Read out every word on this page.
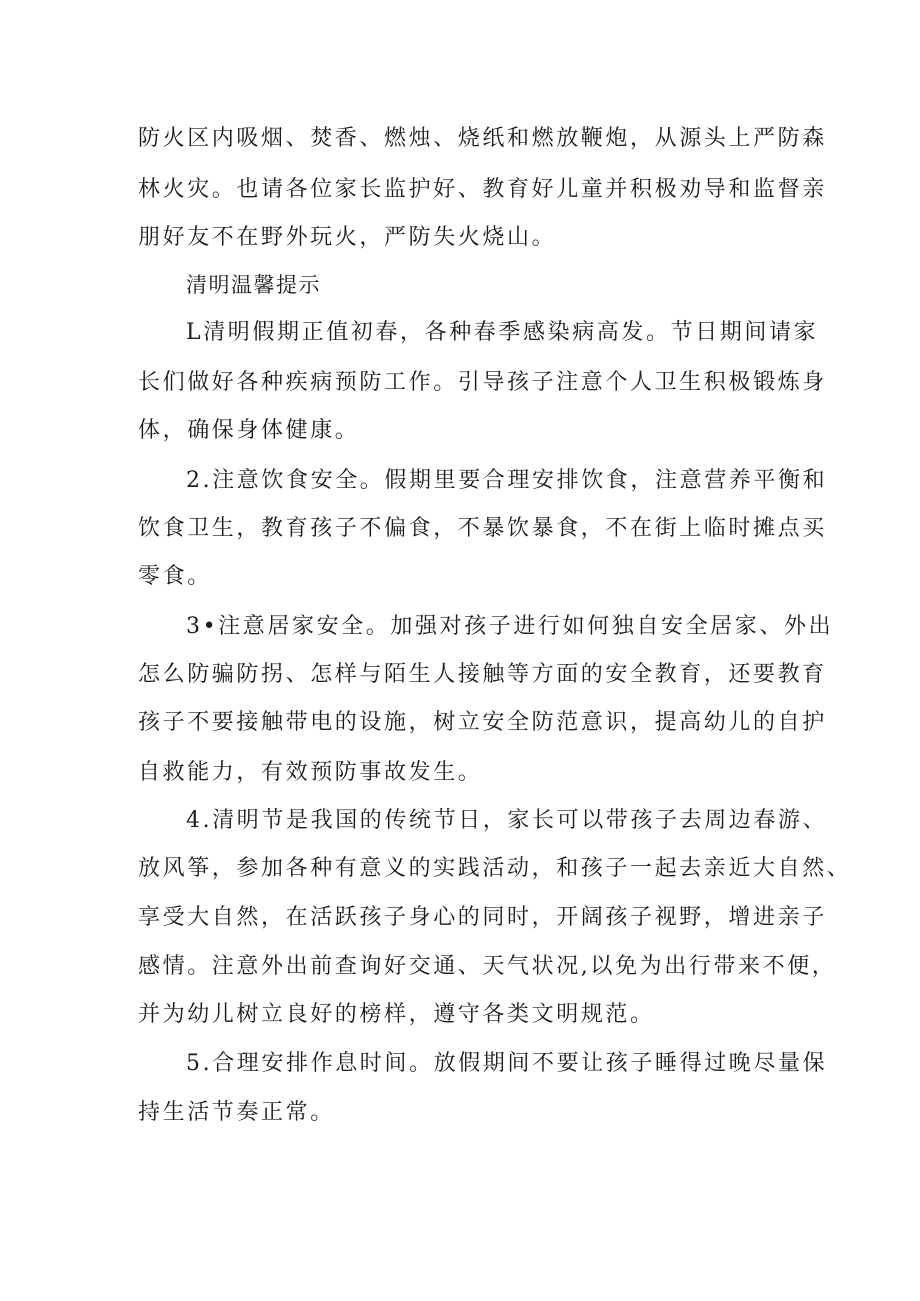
防火区内吸烟、焚香、燃烛、烧纸和燃放鞭炮，从源头上严防森
林火灾。也请各位家长监护好、教育好儿童并积极劝导和监督亲
朋好友不在野外玩火，严防失火烧山。
清明温馨提示
L清明假期正值初春，各种春季感染病高发。节日期间请家
长们做好各种疾病预防工作。引导孩子注意个人卫生积极锻炼身
体，确保身体健康。
2.注意饮食安全。假期里要合理安排饮食，注意营养平衡和
饮食卫生，教育孩子不偏食，不暴饮暴食，不在街上临时摊点买
零食。
3•注意居家安全。加强对孩子进行如何独自安全居家、外出
怎么防骗防拐、怎样与陌生人接触等方面的安全教育，还要教育
孩子不要接触带电的设施，树立安全防范意识，提高幼儿的自护
自救能力，有效预防事故发生。
4.清明节是我国的传统节日，家长可以带孩子去周边春游、
放风筝，参加各种有意义的实践活动，和孩子一起去亲近大自然、
享受大自然，在活跃孩子身心的同时，开阔孩子视野，增进亲子
感情。注意外出前查询好交通、天气状况,以免为出行带来不便，
并为幼儿树立良好的榜样，遵守各类文明规范。
5.合理安排作息时间。放假期间不要让孩子睡得过晚尽量保
持生活节奏正常。
